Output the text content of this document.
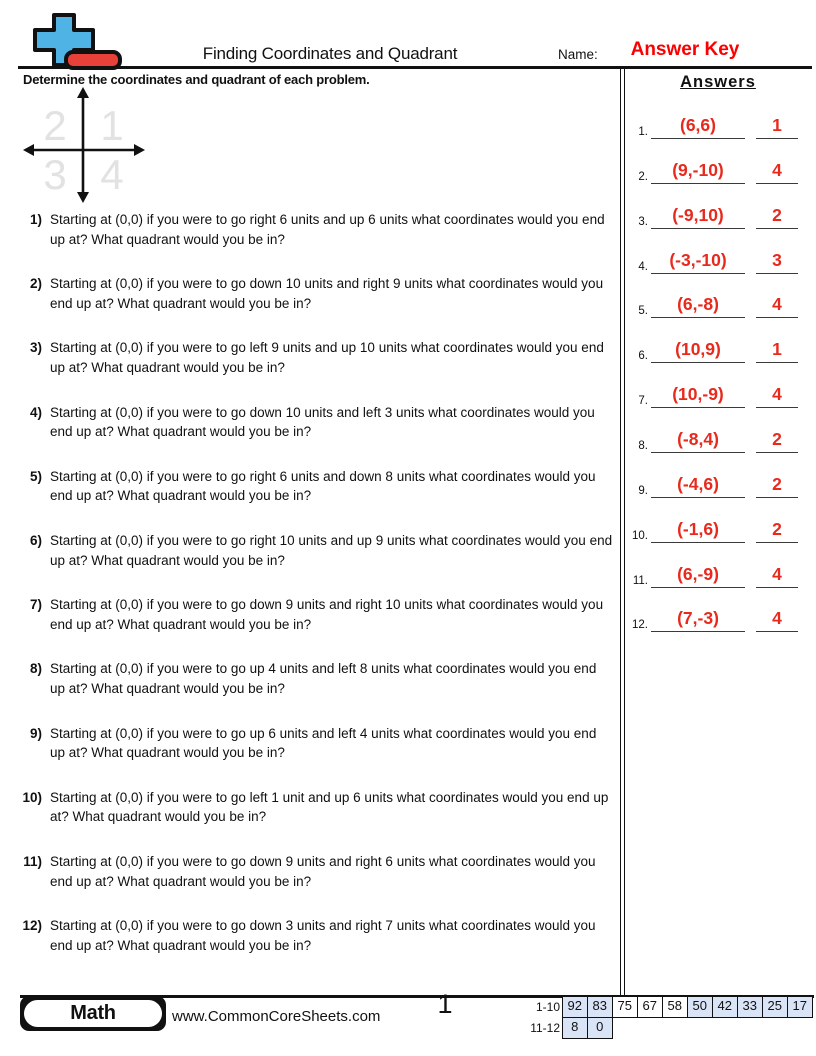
Finding Coordinates and Quadrant	Name:	Answer Key
Determine the coordinates and quadrant of each problem.
2 1
3 4
1) Starting at (0,0) if you were to go right 6 units and up 6 units what coordinates would you end up at? What quadrant would you be in?
2) Starting at (0,0) if you were to go down 10 units and right 9 units what coordinates would you end up at? What quadrant would you be in?
3) Starting at (0,0) if you were to go left 9 units and up 10 units what coordinates would you end up at? What quadrant would you be in?
4) Starting at (0,0) if you were to go down 10 units and left 3 units what coordinates would you end up at? What quadrant would you be in?
5) Starting at (0,0) if you were to go right 6 units and down 8 units what coordinates would you end up at? What quadrant would you be in?
6) Starting at (0,0) if you were to go right 10 units and up 9 units what coordinates would you end up at? What quadrant would you be in?
7) Starting at (0,0) if you were to go down 9 units and right 10 units what coordinates would you end up at? What quadrant would you be in?
8) Starting at (0,0) if you were to go up 4 units and left 8 units what coordinates would you end up at? What quadrant would you be in?
9) Starting at (0,0) if you were to go up 6 units and left 4 units what coordinates would you end up at? What quadrant would you be in?
10) Starting at (0,0) if you were to go left 1 unit and up 6 units what coordinates would you end up at? What quadrant would you be in?
11) Starting at (0,0) if you were to go down 9 units and right 6 units what coordinates would you end up at? What quadrant would you be in?
12) Starting at (0,0) if you were to go down 3 units and right 7 units what coordinates would you end up at? What quadrant would you be in?
Answers
1.	(6,6)	1
2.	(9,-10)	4
3.	(-9,10)	2
4.	(-3,-10)	3
5.	(6,-8)	4
6.	(10,9)	1
7.	(10,-9)	4
8.	(-8,4)	2
9.	(-4,6)	2
10.	(-1,6)	2
11.	(6,-9)	4
12.	(7,-3)	4
Math	www.CommonCoreSheets.com	1	1-10 92 83 75 67 58 50 42 33 25 17
11-12 8	0
